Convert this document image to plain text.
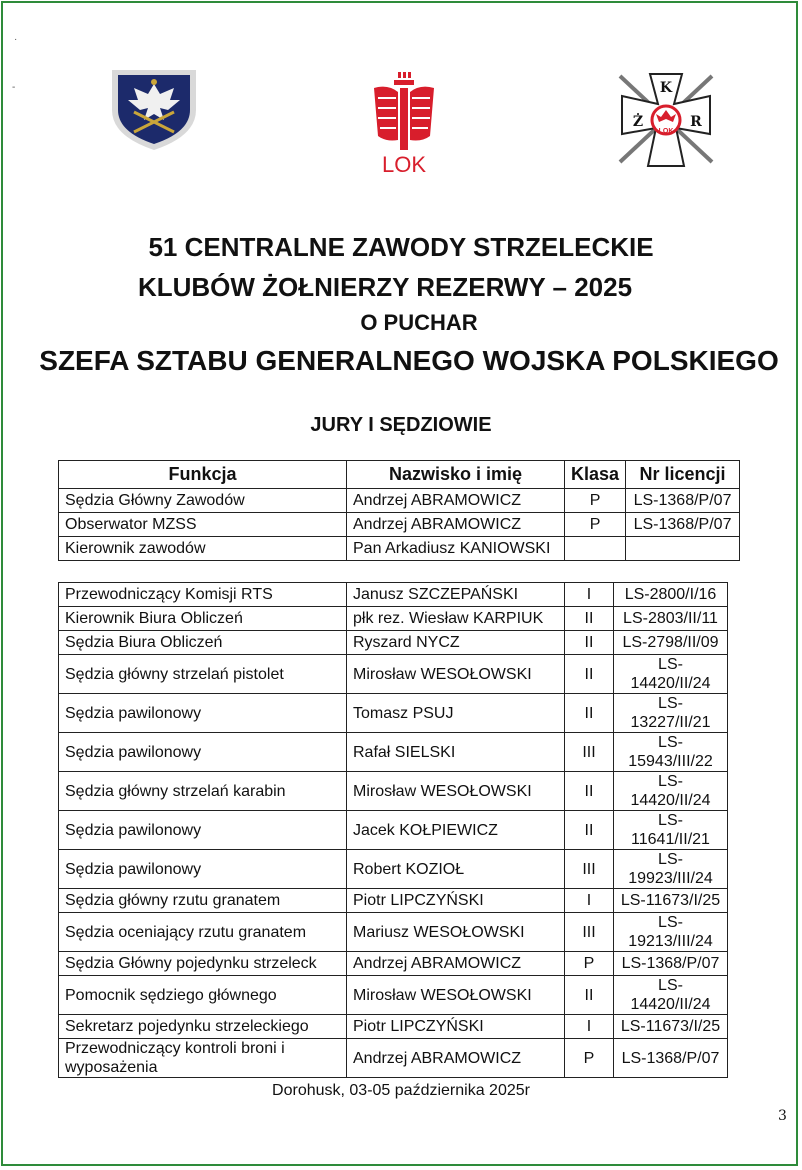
·
-
LOK
K
Ż	R
LOK
51 CENTRALNE ZAWODY STRZELECKIE
KLUBÓW ŻOŁNIERZY REZERWY – 2025
O PUCHAR
SZEFA SZTABU GENERALNEGO WOJSKA POLSKIEGO
JURY I SĘDZIOWIE
Funkcja	Nazwisko i imię	Klasa	Nr licencji
Sędzia Główny Zawodów	Andrzej ABRAMOWICZ	P	LS-1368/P/07
Obserwator MZSS	Andrzej ABRAMOWICZ	P	LS-1368/P/07
Kierownik zawodów	Pan Arkadiusz KANIOWSKI		
Przewodniczący Komisji RTS	Janusz SZCZEPAŃSKI	I	LS-2800/I/16
Kierownik Biura Obliczeń	płk rez. Wiesław KARPIUK	II	LS-2803/II/11
Sędzia Biura Obliczeń	Ryszard NYCZ	II	LS-2798/II/09
Sędzia główny strzelań pistolet	Mirosław WESOŁOWSKI	II	LS-14420/II/24
Sędzia pawilonowy	Tomasz PSUJ	II	LS-13227/II/21
Sędzia pawilonowy	Rafał SIELSKI	III	LS-15943/III/22
Sędzia główny strzelań karabin	Mirosław WESOŁOWSKI	II	LS-14420/II/24
Sędzia pawilonowy	Jacek KOŁPIEWICZ	II	LS-11641/II/21
Sędzia pawilonowy	Robert KOZIOŁ	III	LS-19923/III/24
Sędzia główny rzutu granatem	Piotr LIPCZYŃSKI	I	LS-11673/I/25
Sędzia oceniający rzutu granatem	Mariusz WESOŁOWSKI	III	LS-19213/III/24
Sędzia Główny pojedynku strzeleck	Andrzej ABRAMOWICZ	P	LS-1368/P/07
Pomocnik sędziego głównego	Mirosław WESOŁOWSKI	II	LS-14420/II/24
Sekretarz pojedynku strzeleckiego	Piotr LIPCZYŃSKI	I	LS-11673/I/25
Przewodniczący kontroli broni i wyposażenia	Andrzej ABRAMOWICZ	P	LS-1368/P/07
Dorohusk, 03-05 października 2025r
3
